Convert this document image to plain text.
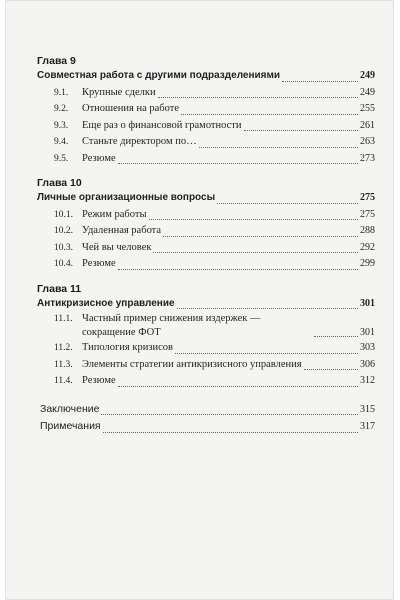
Глава 9
Совместная работа с другими подразделениями	249
9.1.	Крупные сделки	249
9.2.	Отношения на работе	255
9.3.	Еще раз о финансовой грамотности	261
9.4.	Станьте директором по…	263
9.5.	Резюме	273
Глава 10
Личные организационные вопросы	275
10.1. Режим работы	275
10.2. Удаленная работа	288
10.3. Чей вы человек	292
10.4. Резюме	299
Глава 11
Антикризисное управление	301
11.1. Частный пример снижения издержек — сокращение ФОТ	301
11.2. Типология кризисов	303
11.3. Элементы стратегии антикризисного управления	306
11.4. Резюме	312
Заключение	315
Примечания	317
